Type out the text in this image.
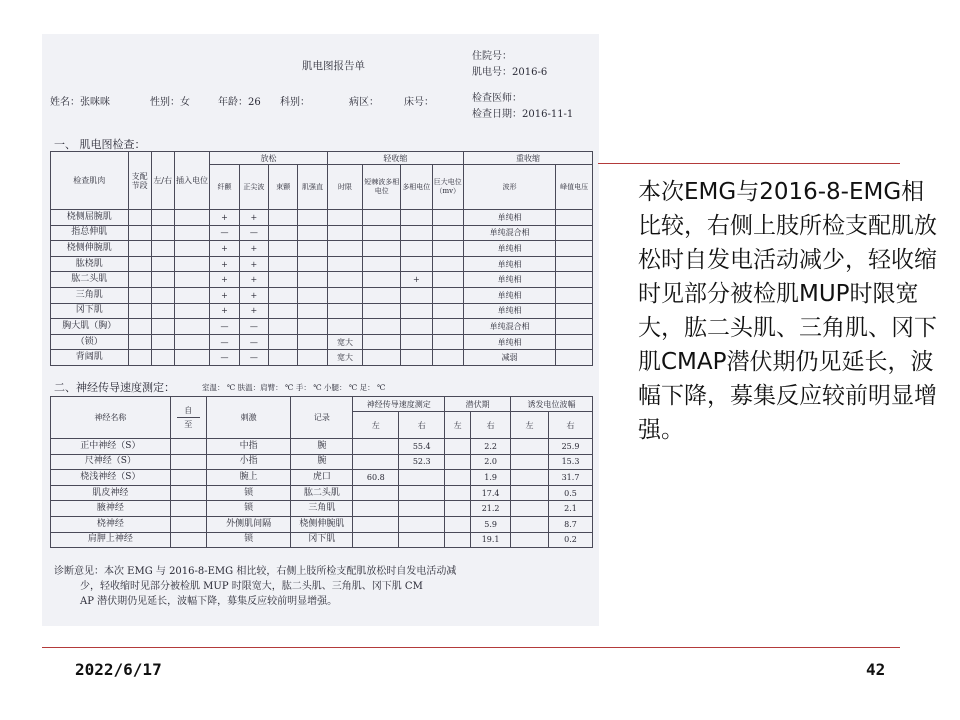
肌电图报告单
住院号：
肌电号：2016-6
姓名：张咪咪	性别：女	年龄：26 科别：	病区：	床号：	检查医师：
检查日期：2016-11-1
一、 肌电图检查：
检查肌肉	支配节段	左/右	插入电位	放松				轻收缩				重收缩	
				纤颤	正尖波	束颤	肌强直	时限	短棘波多相电位	多相电位	巨大电位（mv）	波形	峰值电压
桡侧屈腕肌				+	+							单纯相	
指总伸肌				—	—							单纯混合相	
桡侧伸腕肌				+	+							单纯相	
肱桡肌				+	+							单纯相	
肱二头肌				+	+					+		单纯相	
三角肌				+	+							单纯相	
冈下肌				+	+							单纯相	
胸大肌（胸）				—	—							单纯混合相	
（锁）				—	—			宽大				单纯相	
背阔肌				—	—			宽大				减弱	
二、神经传导速度测定：	室温： ℃ 肤温：肩臂： ℃ 手： ℃ 小腿： ℃ 足： ℃
神经名称	自
至	刺激	记录	神经传导速度测定		潜伏期		诱发电位波幅	
				左	右	左	右	左	右
正中神经（S）		中指	腕		55.4		2.2		25.9
尺神经（S）		小指	腕		52.3		2.0		15.3
桡浅神经（S）		腕上	虎口	60.8			1.9		31.7
肌皮神经		锁	肱二头肌				17.4		0.5
腋神经		锁	三角肌				21.2		2.1
桡神经		外侧肌间隔	桡侧伸腕肌				5.9		8.7
肩胛上神经		锁	冈下肌				19.1		0.2
诊断意见：本次 EMG 与 2016-8-EMG 相比较，右侧上肢所检支配肌放松时自发电活动减
少，轻收缩时见部分被检肌 MUP 时限宽大，肱二头肌、三角肌、冈下肌 CM
AP 潜伏期仍见延长，波幅下降，募集反应较前明显增强。
本次EMG与2016-8-EMG相比较，右侧上肢所检支配肌放松时自发电活动减少，轻收缩时见部分被检肌MUP时限宽大，肱二头肌、三角肌、冈下肌CMAP潜伏期仍见延长，波幅下降，募集反应较前明显增强。
2022/6/17	42
